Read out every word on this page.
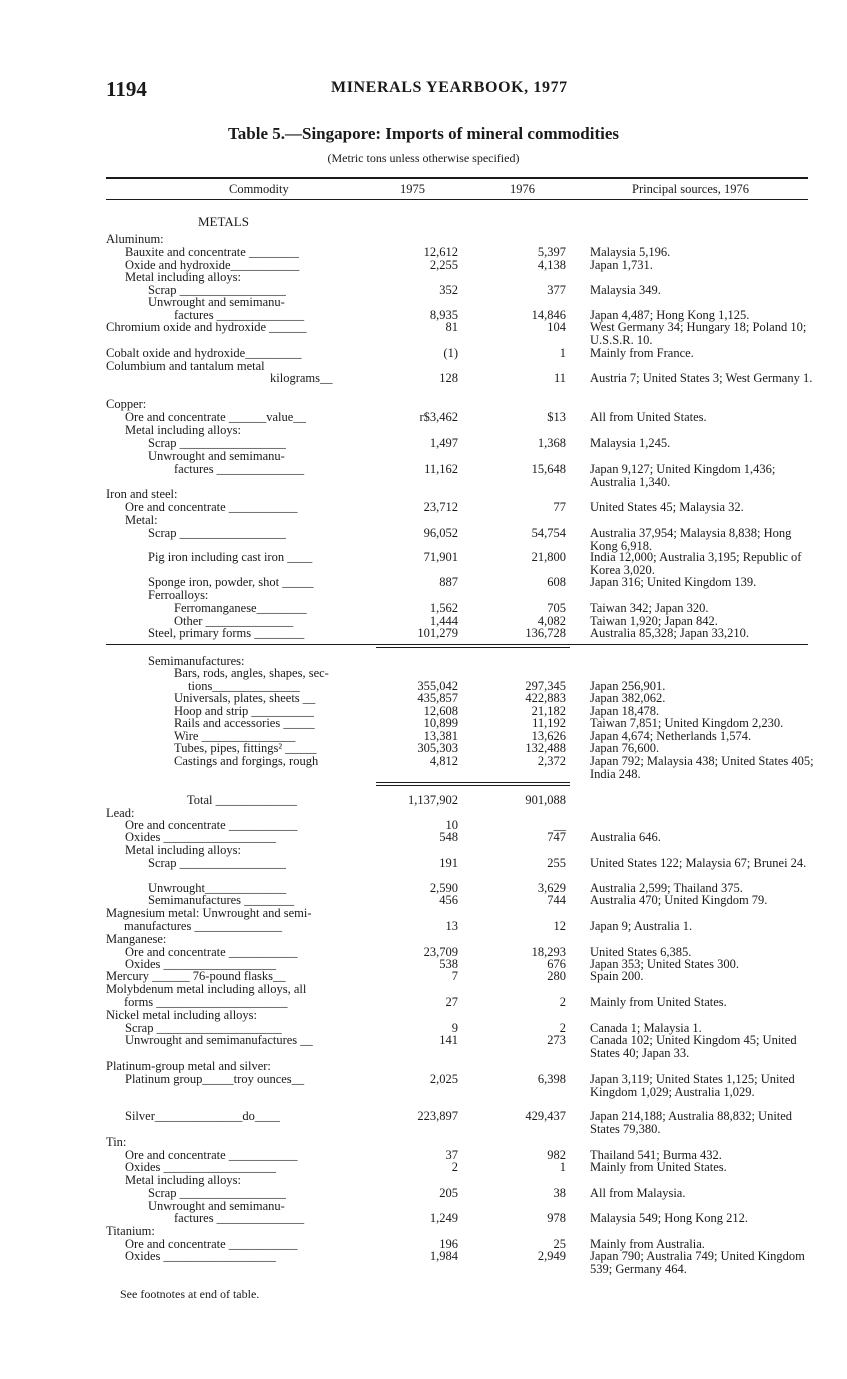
1194	MINERALS YEARBOOK, 1977
Table 5.—Singapore: Imports of mineral commodities
(Metric tons unless otherwise specified)
Commodity	1975	1976	Principal sources, 1976
METALS
Aluminum:
Bauxite and concentrate ________	12,612	5,397 Malaysia 5,196.
Oxide and hydroxide___________	2,255	4,138 Japan 1,731.
Metal including alloys:
Scrap _________________	352	377 Malaysia 349.
Unwrought and semimanu-
factures ______________	8,935	14,846 Japan 4,487; Hong Kong 1,125.
Chromium oxide and hydroxide ______	81	104 West Germany 34; Hungary 18; Poland 10; U.S.S.R. 10.
Cobalt oxide and hydroxide_________	(1)	1 Mainly from France.
Columbium and tantalum metal
kilograms__	128	11 Austria 7; United States 3; West Germany 1.
Copper:
Ore and concentrate ______value__	r$3,462	$13 All from United States.
Metal including alloys:
Scrap _________________	1,497	1,368 Malaysia 1,245.
Unwrought and semimanu-
factures ______________	11,162	15,648 Japan 9,127; United Kingdom 1,436; Australia 1,340.
Iron and steel:
Ore and concentrate ___________	23,712	77 United States 45; Malaysia 32.
Metal:
Scrap _________________	96,052	54,754 Australia 37,954; Malaysia 8,838; Hong Kong 6,918.
Pig iron including cast iron ____	71,901	21,800 India 12,000; Australia 3,195; Republic of Korea 3,020.
Sponge iron, powder, shot _____	887	608 Japan 316; United Kingdom 139.
Ferroalloys:
Ferromanganese________	1,562	705 Taiwan 342; Japan 320.
Other ______________	1,444	4,082 Taiwan 1,920; Japan 842.
Steel, primary forms ________	101,279	136,728 Australia 85,328; Japan 33,210.
Semimanufactures:
Bars, rods, angles, shapes, sec-
tions______________	355,042	297,345 Japan 256,901.
Universals, plates, sheets __	435,857	422,883 Japan 382,062.
Hoop and strip __________	12,608	21,182 Japan 18,478.
Rails and accessories _____	10,899	11,192 Taiwan 7,851; United Kingdom 2,230.
Wire _______________	13,381	13,626 Japan 4,674; Netherlands 1,574.
Tubes, pipes, fittings² _____	305,303	132,488 Japan 76,600.
Castings and forgings, rough	4,812	2,372 Japan 792; Malaysia 438; United States 405; India 248.
Total _____________	1,137,902	901,088
Lead:
Ore and concentrate ___________	10	__
Oxides __________________	548	747 Australia 646.
Metal including alloys:
Scrap _________________	191	255 United States 122; Malaysia 67; Brunei 24.
Unwrought_____________	2,590	3,629 Australia 2,599; Thailand 375.
Semimanufactures ________	456	744 Australia 470; United Kingdom 79.
Magnesium metal: Unwrought and semi-
manufactures ______________	13	12 Japan 9; Australia 1.
Manganese:
Ore and concentrate ___________	23,709	18,293 United States 6,385.
Oxides __________________	538	676 Japan 353; United States 300.
Mercury ______ 76-pound flasks__	7	280 Spain 200.
Molybdenum metal including alloys, all
forms _____________________	27	2 Mainly from United States.
Nickel metal including alloys:
Scrap ____________________	9	2 Canada 1; Malaysia 1.
Unwrought and semimanufactures __	141	273 Canada 102; United Kingdom 45; United States 40; Japan 33.
Platinum-group metal and silver:
Platinum group_____troy ounces__	2,025	6,398 Japan 3,119; United States 1,125; United Kingdom 1,029; Australia 1,029.
Silver______________do____	223,897	429,437 Japan 214,188; Australia 88,832; United States 79,380.
Tin:
Ore and concentrate ___________	37	982 Thailand 541; Burma 432.
Oxides __________________	2	1 Mainly from United States.
Metal including alloys:
Scrap _________________	205	38 All from Malaysia.
Unwrought and semimanu-
factures ______________	1,249	978 Malaysia 549; Hong Kong 212.
Titanium:
Ore and concentrate ___________	196	25 Mainly from Australia.
Oxides __________________	1,984	2,949 Japan 790; Australia 749; United Kingdom 539; Germany 464.
See footnotes at end of table.
